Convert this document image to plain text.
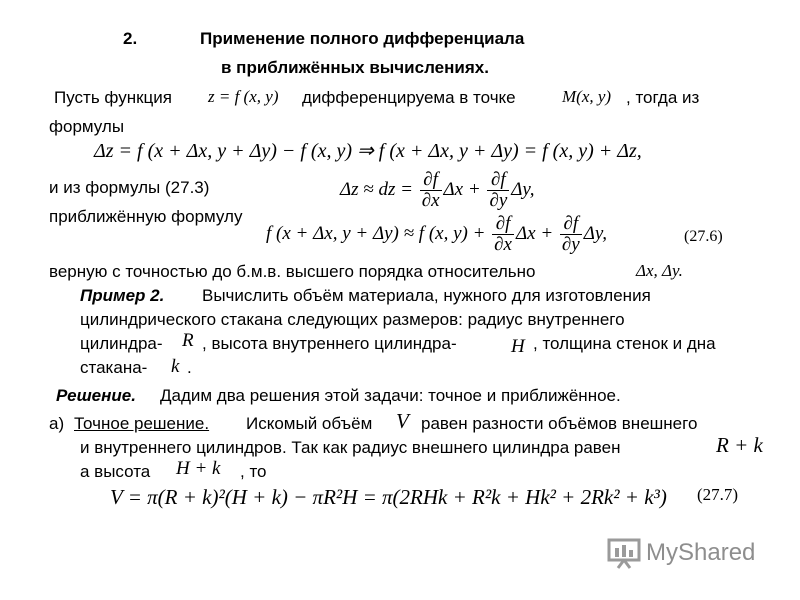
2.	Применение полного дифференциала
в приближённых вычислениях.
Пусть функция z = f (x, y) дифференцируема в точке	M(x, y) , тогда из
формулы
Δz = f (x + Δx, y + Δy) − f (x, y) ⇒ f (x + Δx, y + Δy) = f (x, y) + Δz,
и из формулы (27.3)	Δz ≈ dz = $\frac{\partial f}{\partial x}$ $\Delta x + \frac{\partial f}{\partial y} \Delta y$,
приближённую формулу
f (x + Δx, y + Δy) ≈ f (x, $y) + \frac{\partial f}{\partial x}$ $\Delta x + \frac{\partial f}{\partial y} \Delta y$,	(27.6)
верную с точностью до б.м.в. высшего порядка относительно	Δx, Δy.
Пример 2. Вычислить объём материала, нужного для изготовления
цилиндрического стакана следующих размеров: радиус внутреннего
цилиндра- R , высота внутреннего цилиндра-	H , толщина стенок и дна
стакана- k .
Решение. Дадим два решения этой задачи: точное и приближённое.
а) Точное решение. Искомый объём V равен разности объёмов внешнего
и внутреннего цилиндров. Так как радиус внешнего цилиндра равен	R + k
а высота H + k , то
V = π(R + k)²(H + k) − πR²H = π(2RHk + R²k + Hk² + 2Rk² + k³) (27.7)
MyShared
